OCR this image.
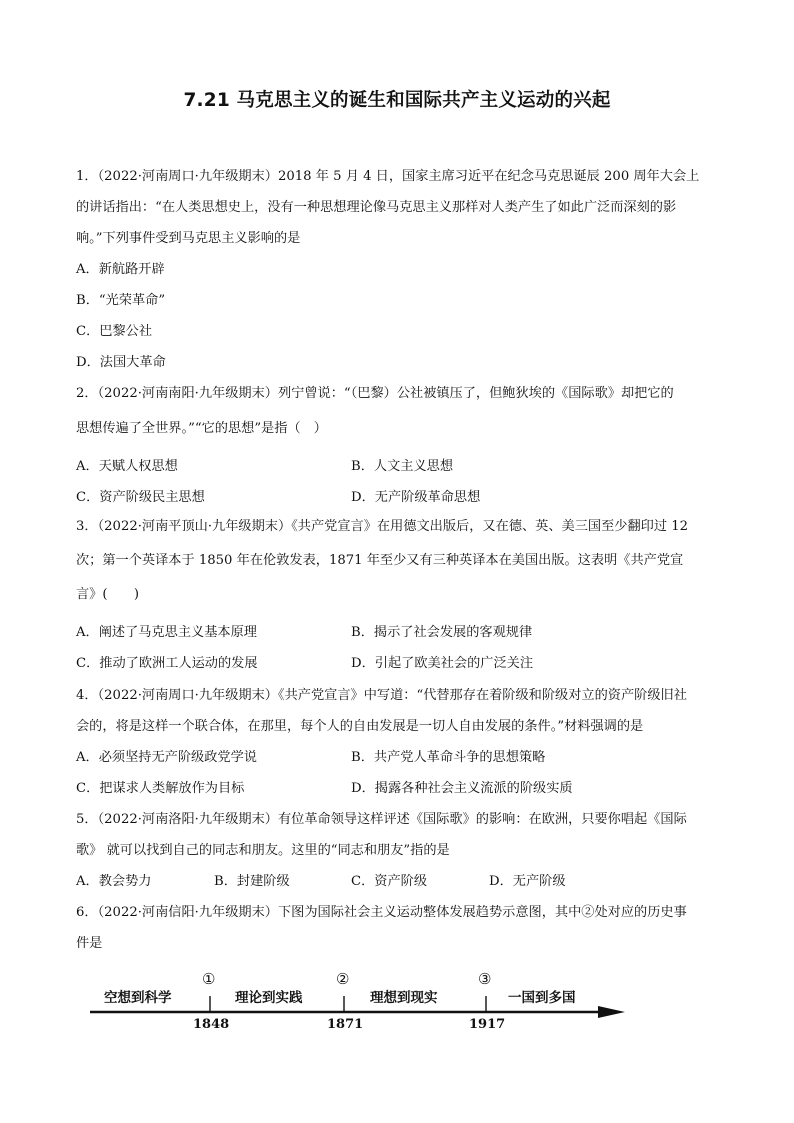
7.21 马克思主义的诞生和国际共产主义运动的兴起
1．（2022·河南周口·九年级期末）2018 年 5 月 4 日，国家主席习近平在纪念马克思诞辰 200 周年大会上
的讲话指出：“在人类思想史上，没有一种思想理论像马克思主义那样对人类产生了如此广泛而深刻的影
响。”下列事件受到马克思主义影响的是
A．新航路开辟
B．“光荣革命”
C．巴黎公社
D．法国大革命
2．（2022·河南南阳·九年级期末）列宁曾说：“（巴黎）公社被镇压了，但鲍狄埃的《国际歌》却把它的
思想传遍了全世界。”“它的思想”是指（　）
A．天赋人权思想	B．人文主义思想
C．资产阶级民主思想	D．无产阶级革命思想
3．（2022·河南平顶山·九年级期末）《共产党宣言》在用德文出版后，又在德、英、美三国至少翻印过 12
次；第一个英译本于 1850 年在伦敦发表，1871 年至少又有三种英译本在美国出版。这表明《共产党宣
言》(　　)
A．阐述了马克思主义基本原理	B．揭示了社会发展的客观规律
C．推动了欧洲工人运动的发展	D．引起了欧美社会的广泛关注
4．（2022·河南周口·九年级期末）《共产党宣言》中写道：“代替那存在着阶级和阶级对立的资产阶级旧社
会的，将是这样一个联合体，在那里，每个人的自由发展是一切人自由发展的条件。”材料强调的是
A．必须坚持无产阶级政党学说	B．共产党人革命斗争的思想策略
C．把谋求人类解放作为目标	D．揭露各种社会主义流派的阶级实质
5．（2022·河南洛阳·九年级期末）有位革命领导这样评述《国际歌》的影响：在欧洲，只要你唱起《国际
歌》 就可以找到自己的同志和朋友。这里的“同志和朋友”指的是
A．教会势力	B．封建阶级	C．资产阶级	D．无产阶级
6．（2022·河南信阳·九年级期末）下图为国际社会主义运动整体发展趋势示意图，其中②处对应的历史事
件是
空想到科学	理论到实践	理想到现实	一国到多国
①	②	③
1848	1871	1917
